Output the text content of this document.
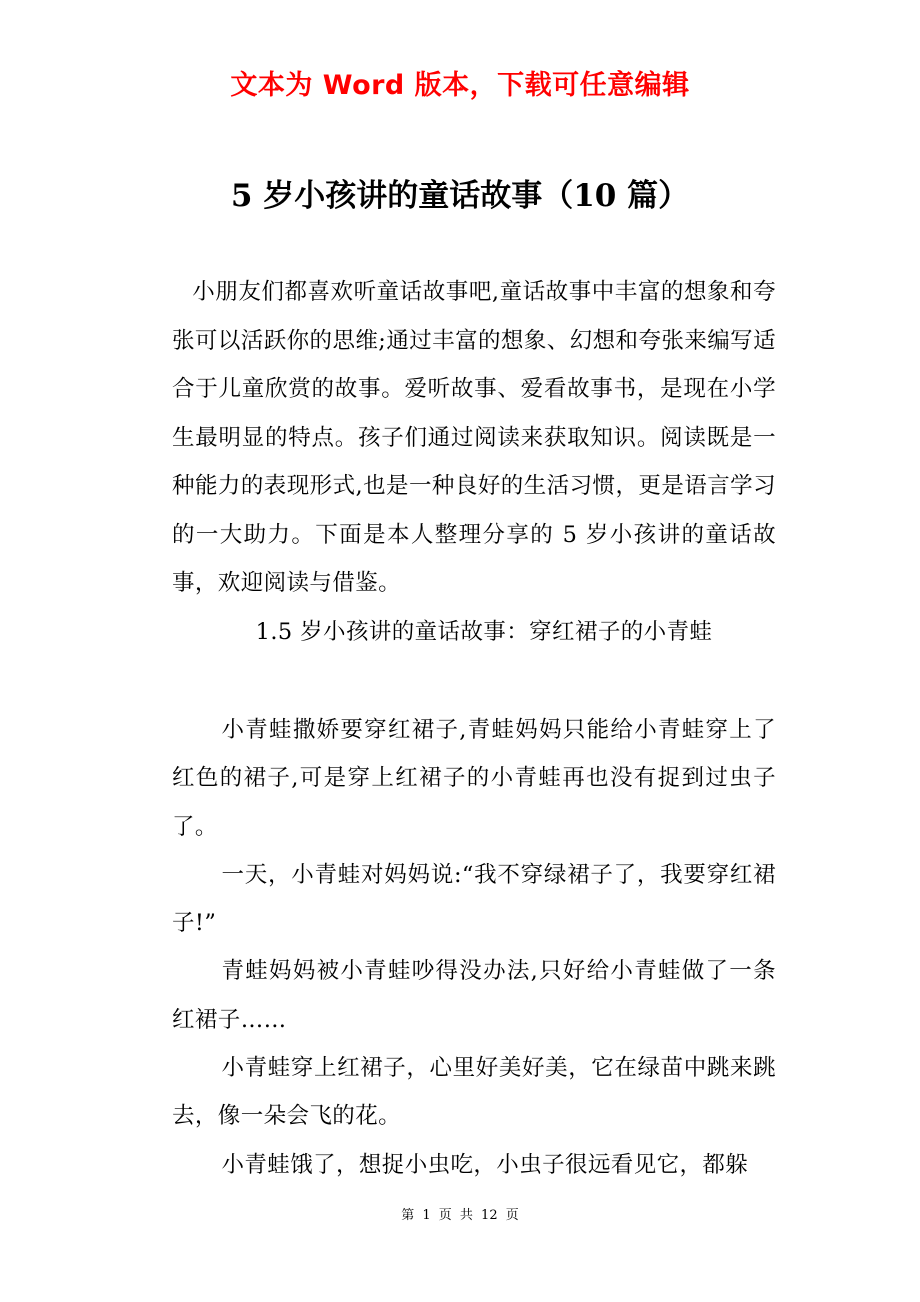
文本为 Word 版本，下载可任意编辑
5 岁小孩讲的童话故事（10 篇）

小朋友们都喜欢听童话故事吧,童话故事中丰富的想象和夸张可以活跃你的思维;通过丰富的想象、幻想和夸张来编写适合于儿童欣赏的故事。爱听故事、爱看故事书，是现在小学生最明显的特点。孩子们通过阅读来获取知识。阅读既是一种能力的表现形式,也是一种良好的生活习惯，更是语言学习的一大助力。下面是本人整理分享的 5 岁小孩讲的童话故事，欢迎阅读与借鉴。

1.5 岁小孩讲的童话故事：穿红裙子的小青蛙

小青蛙撒娇要穿红裙子,青蛙妈妈只能给小青蛙穿上了红色的裙子,可是穿上红裙子的小青蛙再也没有捉到过虫子了。

一天，小青蛙对妈妈说:“我不穿绿裙子了，我要穿红裙子!”

青蛙妈妈被小青蛙吵得没办法,只好给小青蛙做了一条红裙子……

小青蛙穿上红裙子，心里好美好美，它在绿苗中跳来跳去，像一朵会飞的花。

小青蛙饿了，想捉小虫吃，小虫子很远看见它，都躲

第 1 页 共 12 页
